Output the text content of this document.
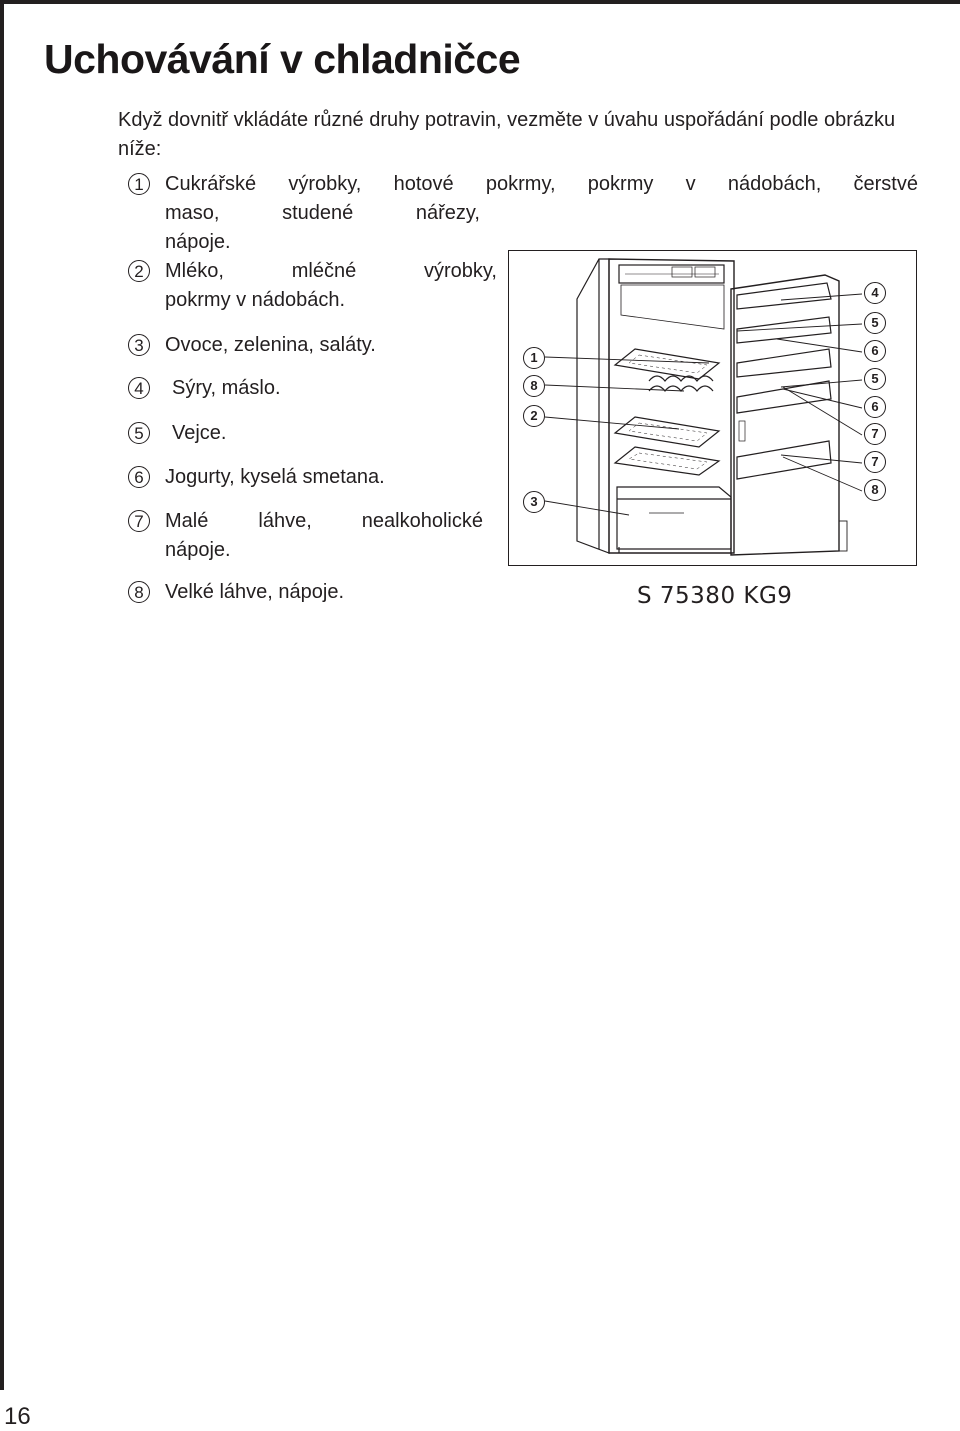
Uchovávání v chladničce

Když dovnitř vkládáte různé druhy potravin, vezměte v úvahu uspořádání podle obrázku níže:

1	Cukrářské výrobky, hotové pokrmy, pokrmy v nádobách, čerstvé
maso, studené nářezy,
nápoje.
2	Mléko, mléčné výrobky,
pokrmy v nádobách.
3	Ovoce, zelenina, saláty.
4	Sýry, máslo.
5	Vejce.
6	Jogurty, kyselá smetana.
7	Malé láhve, nealkoholické
nápoje.
8	Velké láhve, nápoje.
1
8
2
3
4
5
6
5
6
7
7
8
S 75380 KG9
16
